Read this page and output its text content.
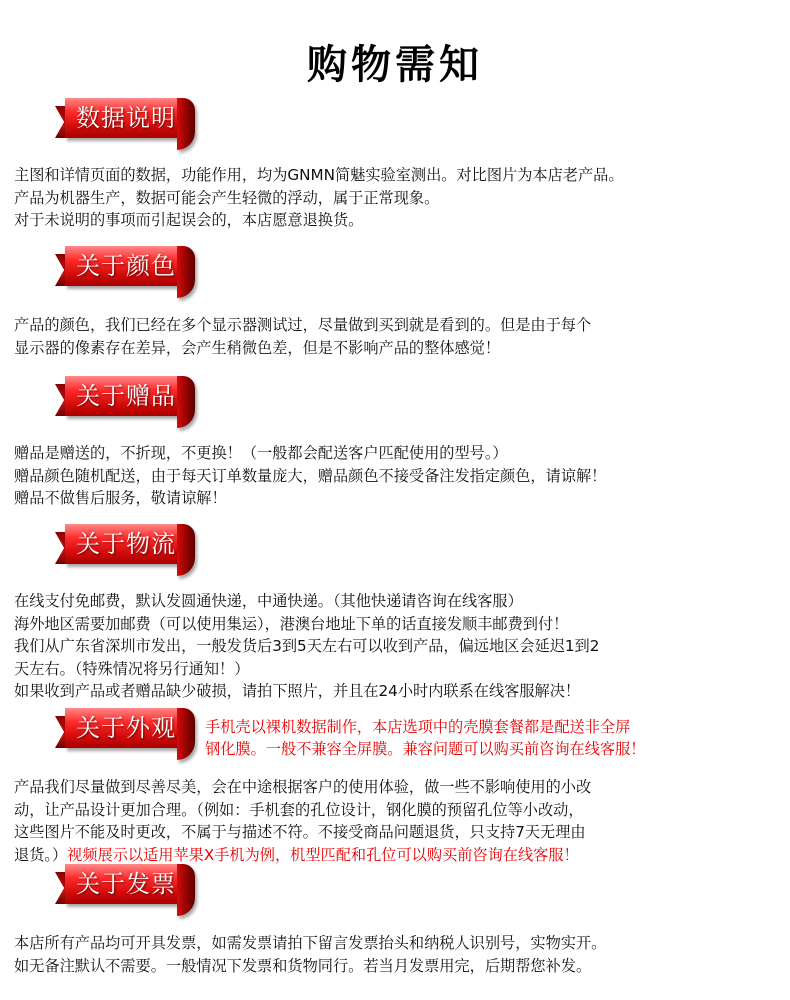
购物需知
数据说明
主图和详情页面的数据，功能作用，均为GNMN简魅实验室测出。对比图片为本店老产品。
产品为机器生产，数据可能会产生轻微的浮动，属于正常现象。
对于未说明的事项而引起误会的，本店愿意退换货。
关于颜色
产品的颜色，我们已经在多个显示器测试过，尽量做到买到就是看到的。但是由于每个
显示器的像素存在差异，会产生稍微色差，但是不影响产品的整体感觉！
关于赠品
赠品是赠送的，不折现，不更换！（一般都会配送客户匹配使用的型号。）
赠品颜色随机配送，由于每天订单数量庞大，赠品颜色不接受备注发指定颜色，请谅解！
赠品不做售后服务，敬请谅解！
关于物流
在线支付免邮费，默认发圆通快递，中通快递。（其他快递请咨询在线客服）
海外地区需要加邮费（可以使用集运），港澳台地址下单的话直接发顺丰邮费到付！
我们从广东省深圳市发出，一般发货后3到5天左右可以收到产品，偏远地区会延迟1到2
天左右。（特殊情况将另行通知！）
如果收到产品或者赠品缺少破损，请拍下照片，并且在24小时内联系在线客服解决！
关于外观	手机壳以裸机数据制作，本店选项中的壳膜套餐都是配送非全屏
钢化膜。一般不兼容全屏膜。兼容问题可以购买前咨询在线客服！
产品我们尽量做到尽善尽美，会在中途根据客户的使用体验，做一些不影响使用的小改
动，让产品设计更加合理。（例如：手机套的孔位设计，钢化膜的预留孔位等小改动，
这些图片不能及时更改，不属于与描述不符。不接受商品问题退货，只支持7天无理由
退货。）视频展示以适用苹果X手机为例，机型匹配和孔位可以购买前咨询在线客服！
关于发票
本店所有产品均可开具发票，如需发票请拍下留言发票抬头和纳税人识别号，实物实开。
如无备注默认不需要。一般情况下发票和货物同行。若当月发票用完，后期帮您补发。
